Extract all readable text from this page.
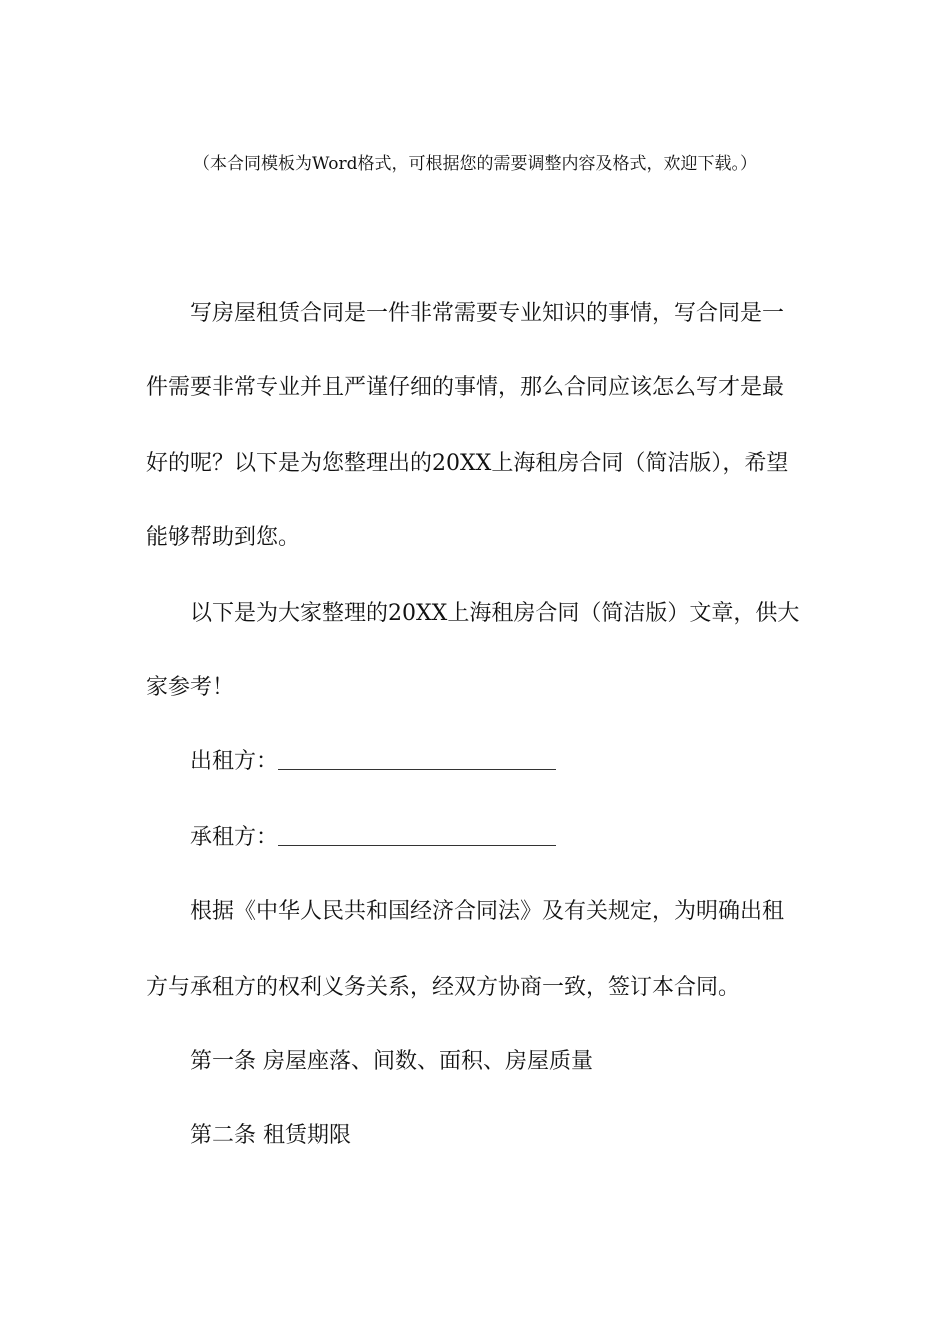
（本合同模板为Word格式，可根据您的需要调整内容及格式，欢迎下载。）
写房屋租赁合同是一件非常需要专业知识的事情，写合同是一
件需要非常专业并且严谨仔细的事情，那么合同应该怎么写才是最
好的呢？以下是为您整理出的20XX上海租房合同（简洁版），希望
能够帮助到您。
以下是为大家整理的20XX上海租房合同（简洁版）文章，供大
家参考！
出租方：
承租方：
根据《中华人民共和国经济合同法》及有关规定，为明确出租
方与承租方的权利义务关系，经双方协商一致，签订本合同。
第一条 房屋座落、间数、面积、房屋质量
第二条 租赁期限
